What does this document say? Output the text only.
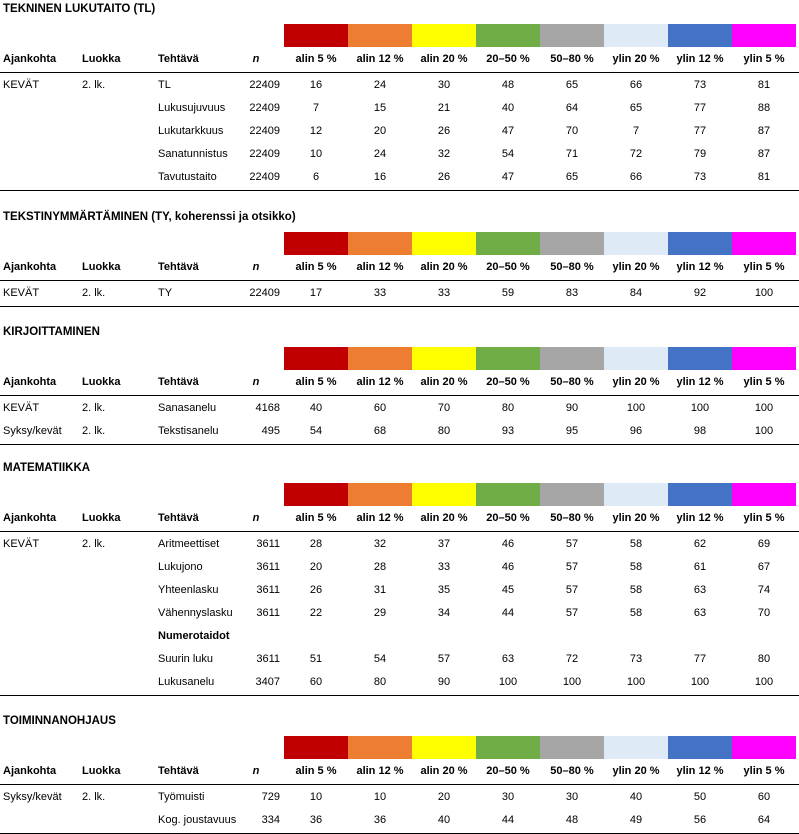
TEKNINEN LUKUTAITO (TL)
Ajankohta Luokka	Tehtävä	n	alin 5 %	alin 12 %	alin 20 %	20–50 %	50–80 %	ylin 20 %	ylin 12 %	ylin 5 %
KEVÄT	2. lk.	TL	22409	16	24	30	48	65	66	73	81
Lukusujuvuus	22409	7	15	21	40	64	65	77	88
Lukutarkkuus	22409	12	20	26	47	70	7	77	87
Sanatunnistus	22409	10	24	32	54	71	72	79	87
Tavutustaito	22409	6	16	26	47	65	66	73	81
TEKSTINYMMÄRTÄMINEN (TY, koherenssi ja otsikko)
Ajankohta Luokka	Tehtävä	n	alin 5 %	alin 12 %	alin 20 %	20–50 %	50–80 %	ylin 20 %	ylin 12 %	ylin 5 %
KEVÄT	2. lk.	TY	22409	17	33	33	59	83	84	92	100
KIRJOITTAMINEN
Ajankohta Luokka	Tehtävä	n	alin 5 %	alin 12 %	alin 20 %	20–50 %	50–80 %	ylin 20 %	ylin 12 %	ylin 5 %
KEVÄT	2. lk.	Sanasanelu	4168	40	60	70	80	90	100	100	100
Syksy/kevät 2. lk.	Tekstisanelu	495	54	68	80	93	95	96	98	100
MATEMATIIKKA
Ajankohta Luokka	Tehtävä	n	alin 5 %	alin 12 %	alin 20 %	20–50 %	50–80 %	ylin 20 %	ylin 12 %	ylin 5 %
KEVÄT	2. lk.	Aritmeettiset	3611	28	32	37	46	57	58	62	69
Lukujono	3611	20	28	33	46	57	58	61	67
Yhteenlasku	3611	26	31	35	45	57	58	63	74
Vähennyslasku	3611	22	29	34	44	57	58	63	70
Numerotaidot
Suurin luku	3611	51	54	57	63	72	73	77	80
Lukusanelu	3407	60	80	90	100	100	100	100	100
TOIMINNANOHJAUS
Ajankohta Luokka	Tehtävä	n	alin 5 %	alin 12 %	alin 20 %	20–50 %	50–80 %	ylin 20 %	ylin 12 %	ylin 5 %
Syksy/kevät 2. lk.	Työmuisti	729	10	10	20	30	30	40	50	60
Kog. joustavuus	334	36	36	40	44	48	49	56	64
